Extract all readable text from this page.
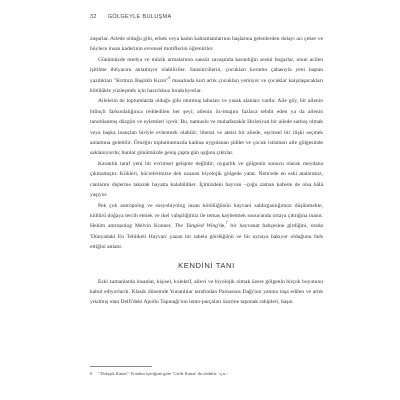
32 GÖLGEYLE BULUŞMA

zuşurlar. Ailede olduğu gibi, erkek veya kadın kahramanlarının başlarına gelenlerden dolayı acı çeker ve böylece insan kaderinin evrensel motiflerini öğreniriler.

Günümüzde medya ve müzik armalarının sansür savaşında karanlığın sesini bogarlar, onun acilen işitilme ihtiyacını anlamıyor olabiliriler. Sansürcülerin, çocukları korumu çabasıyla yeni baştan yazdıkları "Kırmızı Başlıklı Kızın"$^6$ masalında kurt artık çocukları yemiyor ve çocuklar karşılaşacakları kötülükle yüzleşmek için hazırlıksız bırakılıyorlar.

Ailelerin de toplumlarda olduğu gibi oturmuş tabuları ve yasak alanları vardır. Aile göy, bir ailenin bilinçli farkındalığınca reddedilen her şeyi; ailenin öz-imajını fazlaca tehdit eden ya da ailenin tanımlanmış düzgün ve eylemleri içerir. Bu, namuslu ve muhafazakâr Hıristiyan bir ailede sarhoş olmak veya başka inançtan biriyle evlenmek olabilir; liberal ve ateist bir ailede, eşcinsel bir ilişki seçmek anlamına gelebilir. Örneğin toplumumuzda kadına uygulanan şiddet ve çocuk istismarı aile gölgesinde saklanıyordu; bunlar günümüzde geniş çapta gün ışığına çıktılar.

Karanlık taraf yeni bir evrimsel gelişme değildir; uygarlık ve gölgenin sonucu olarak meydana çıkmamıştır. Kökleri, hücrelerimize dek uzanan biyolojik gölgede yatar. Neticede en eski atalarımız, canlarını dişlerine takarak hayatta kalabildiler. İçimizdeki hayvan –çoğu zaman kafeste de olsa hâlâ yaşıyor.

Pek çok antropolog ve sosyobiyolog insan kötülüğünün hayvani saldırganlığımızı düşünmekte, kültürü doğaya tercih etmek ve ikel vahşiliğimiz ile temas kaybetmek sonucunda ortaya çıktığına inanır. Hekim antropolog Melvin Konner, The Tangled Wing'de,$^7$ bir hayvanat bahçesine girdiğini, orada 'Dünyadaki En Tehlikeli Hayvan' yazan bir tabela gördüğünü ve bir aynaya bakıyor olduğunu fark ettiğini anlatır.

KENDİNİ TANI

Eski zamanlarda insanlar, kişisel, kolektif, ailevi ve biyolojik olmak üzere gölgenin birçok boyutunu kabul ediyorlardı. Klasik dönemde Yunanlılar tarafından Parnassus Dağı'nın yanına inşa edilen ve artık yıkılmış olan Delfi'deki Apollo Tapınağı'nın lento-parçaları üzerine taponak rahipleri, başın

6 "Dolaşık Kanat": Kitabın içeriğine göre 'Girift Kanat' da olabilir. -ç.n.-
